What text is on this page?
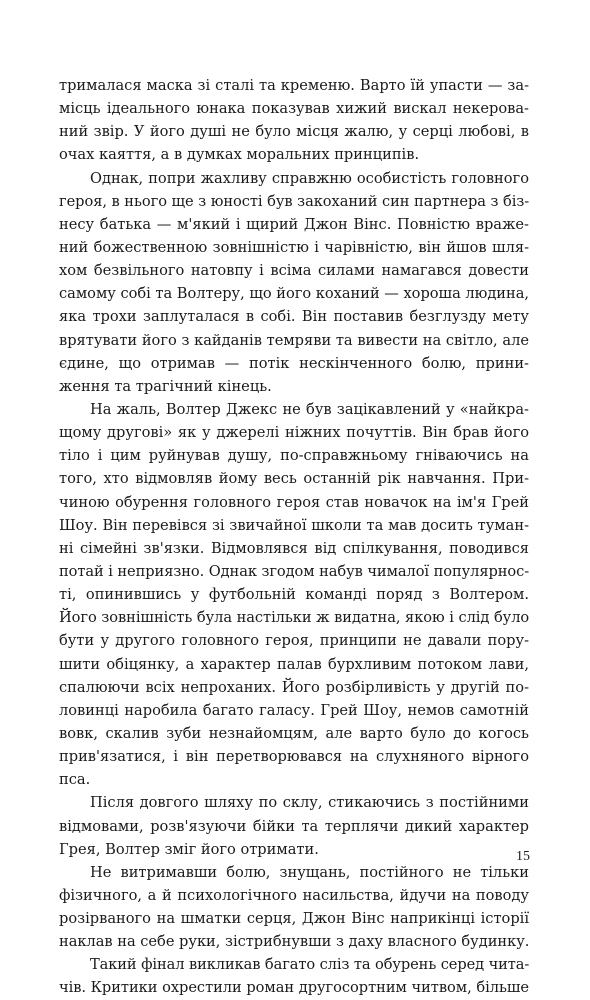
трималася маска зі сталі та кременю. Варто їй упасти — за-
місць ідеального юнака показував хижий вискал некерова-
ний звір. У його душі не було місця жалю, у серці любові, в
очах каяття, а в думках моральних принципів.
Однак, попри жахливу справжню особистість головного
героя, в нього ще з юності був закоханий син партнера з біз-
несу батька — м'який і щирий Джон Вінс. Повністю враже-
ний божественною зовнішністю і чарівністю, він йшов шля-
хом безвільного натовпу і всіма силами намагався довести
самому собі та Волтеру, що його коханий — хороша людина,
яка трохи заплуталася в собі. Він поставив безглузду мету
врятувати його з кайданів темряви та вивести на світло, але
єдине, що отримав — потік нескінченного болю, прини-
ження та трагічний кінець.
На жаль, Волтер Джекс не був зацікавлений у «найкра-
щому другові» як у джерелі ніжних почуттів. Він брав його
тіло і цим руйнував душу, по-справжньому гніваючись на
того, хто відмовляв йому весь останній рік навчання. При-
чиною обурення головного героя став новачок на ім'я Грей
Шоу. Він перевівся зі звичайної школи та мав досить туман-
ні сімейні зв'язки. Відмовлявся від спілкування, поводився
потай і неприязно. Однак згодом набув чималої популярнос-
ті, опинившись у футбольній команді поряд з Волтером.
Його зовнішність була настільки ж видатна, якою і слід було
бути у другого головного героя, принципи не давали пору-
шити обіцянку, а характер палав бурхливим потоком лави,
спалюючи всіх непроханих. Його розбірливість у другій по-
ловинці наробила багато галасу. Грей Шоу, немов самотній
вовк, скалив зуби незнайомцям, але варто було до когось
прив'язатися, і він перетворювався на слухняного вірного
пса.
Після довгого шляху по склу, стикаючись з постійними
відмовами, розв'язуючи бійки та терплячи дикий характер
Грея, Волтер зміг його отримати.
Не витримавши болю, знущань, постійного не тільки
фізичного, а й психологічного насильства, йдучи на поводу
розірваного на шматки серця, Джон Вінс наприкінці історії
наклав на себе руки, зістрибнувши з даху власного будинку.
Такий фінал викликав багато сліз та обурень серед чита-
чів. Критики охрестили роман другосортним читвом, більше
15
